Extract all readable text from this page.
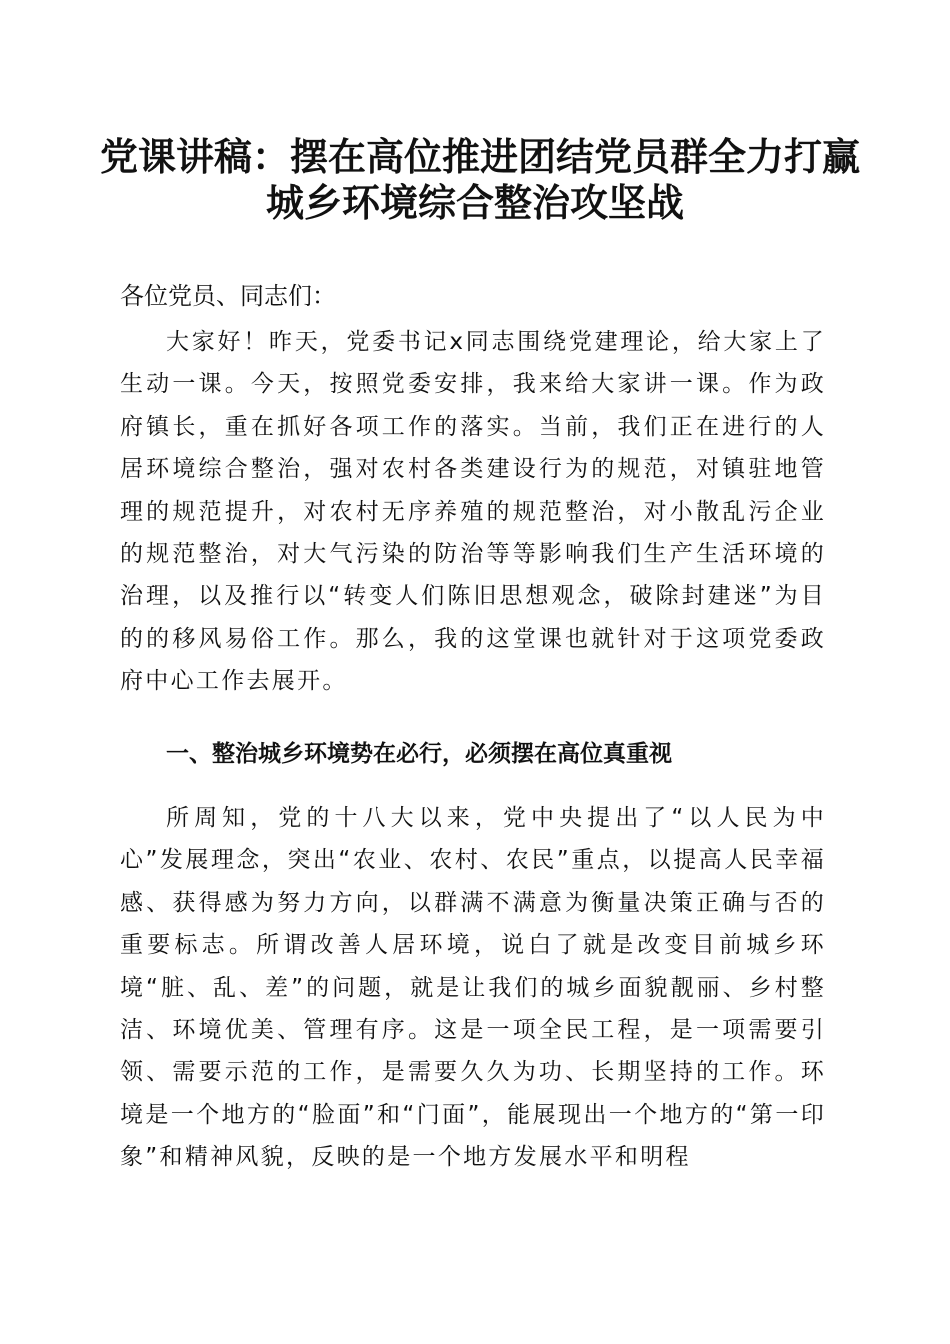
党课讲稿：摆在高位推进团结党员群全力打赢
城乡环境综合整治攻坚战
各位党员、同志们：

大家好！昨天，党委书记x同志围绕党建理论，给大家上了生动一课。今天，按照党委安排，我来给大家讲一课。作为政府镇长，重在抓好各项工作的落实。当前，我们正在进行的人居环境综合整治，强对农村各类建设行为的规范，对镇驻地管理的规范提升，对农村无序养殖的规范整治，对小散乱污企业的规范整治，对大气污染的防治等等影响我们生产生活环境的治理，以及推行以“转变人们陈旧思想观念，破除封建迷”为目的的移风易俗工作。那么，我的这堂课也就针对于这项党委政府中心工作去展开。

一、整治城乡环境势在必行，必须摆在高位真重视

所周知，党的十八大以来，党中央提出了“以人民为中心”发展理念，突出“农业、农村、农民”重点，以提高人民幸福感、获得感为努力方向，以群满不满意为衡量决策正确与否的重要标志。所谓改善人居环境，说白了就是改变目前城乡环境“脏、乱、差”的问题，就是让我们的城乡面貌靓丽、乡村整洁、环境优美、管理有序。这是一项全民工程，是一项需要引领、需要示范的工作，是需要久久为功、长期坚持的工作。环境是一个地方的“脸面”和“门面”，能展现出一个地方的“第一印象”和精神风貌，反映的是一个地方发展水平和明程
